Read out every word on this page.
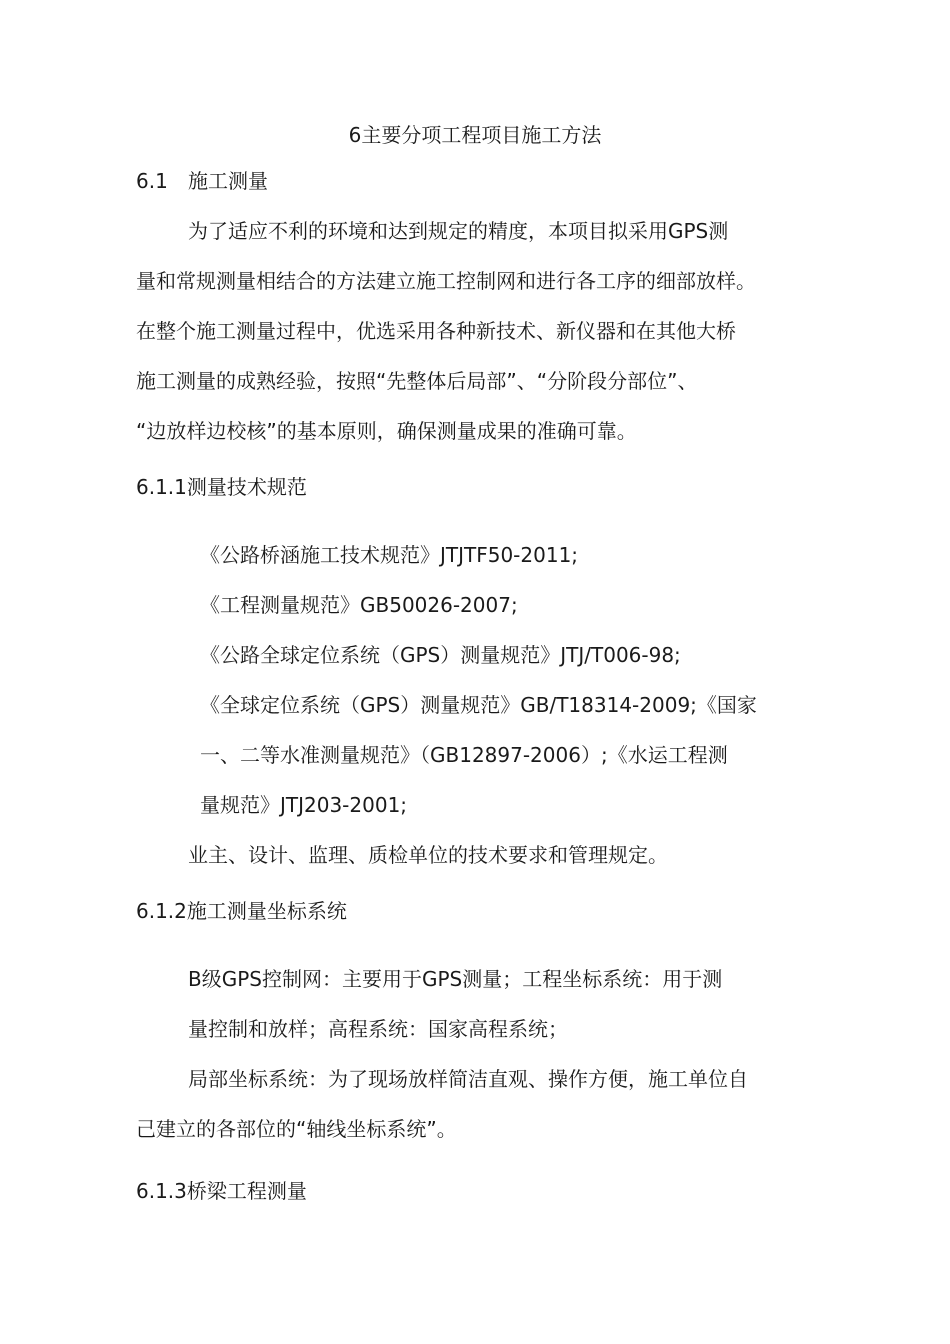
6主要分项工程项目施工方法

6.1 施工测量

为了适应不利的环境和达到规定的精度，本项目拟采用GPS测

量和常规测量相结合的方法建立施工控制网和进行各工序的细部放样。

在整个施工测量过程中，优选采用各种新技术、新仪器和在其他大桥

施工测量的成熟经验，按照“先整体后局部”、“分阶段分部位”、

“边放样边校核”的基本原则，确保测量成果的准确可靠。

6.1.1测量技术规范

《公路桥涵施工技术规范》JTJTF50-2011;

《工程测量规范》GB50026-2007;

《公路全球定位系统（GPS）测量规范》JTJ/T006-98;

《全球定位系统（GPS）测量规范》GB/T18314-2009;《国家

一、二等水准测量规范》（GB12897-2006）;《水运工程测

量规范》JTJ203-2001;

业主、设计、监理、质检单位的技术要求和管理规定。

6.1.2施工测量坐标系统

B级GPS控制网：主要用于GPS测量；工程坐标系统：用于测

量控制和放样；高程系统：国家高程系统；

局部坐标系统：为了现场放样简洁直观、操作方便，施工单位自

己建立的各部位的“轴线坐标系统”。

6.1.3桥梁工程测量
